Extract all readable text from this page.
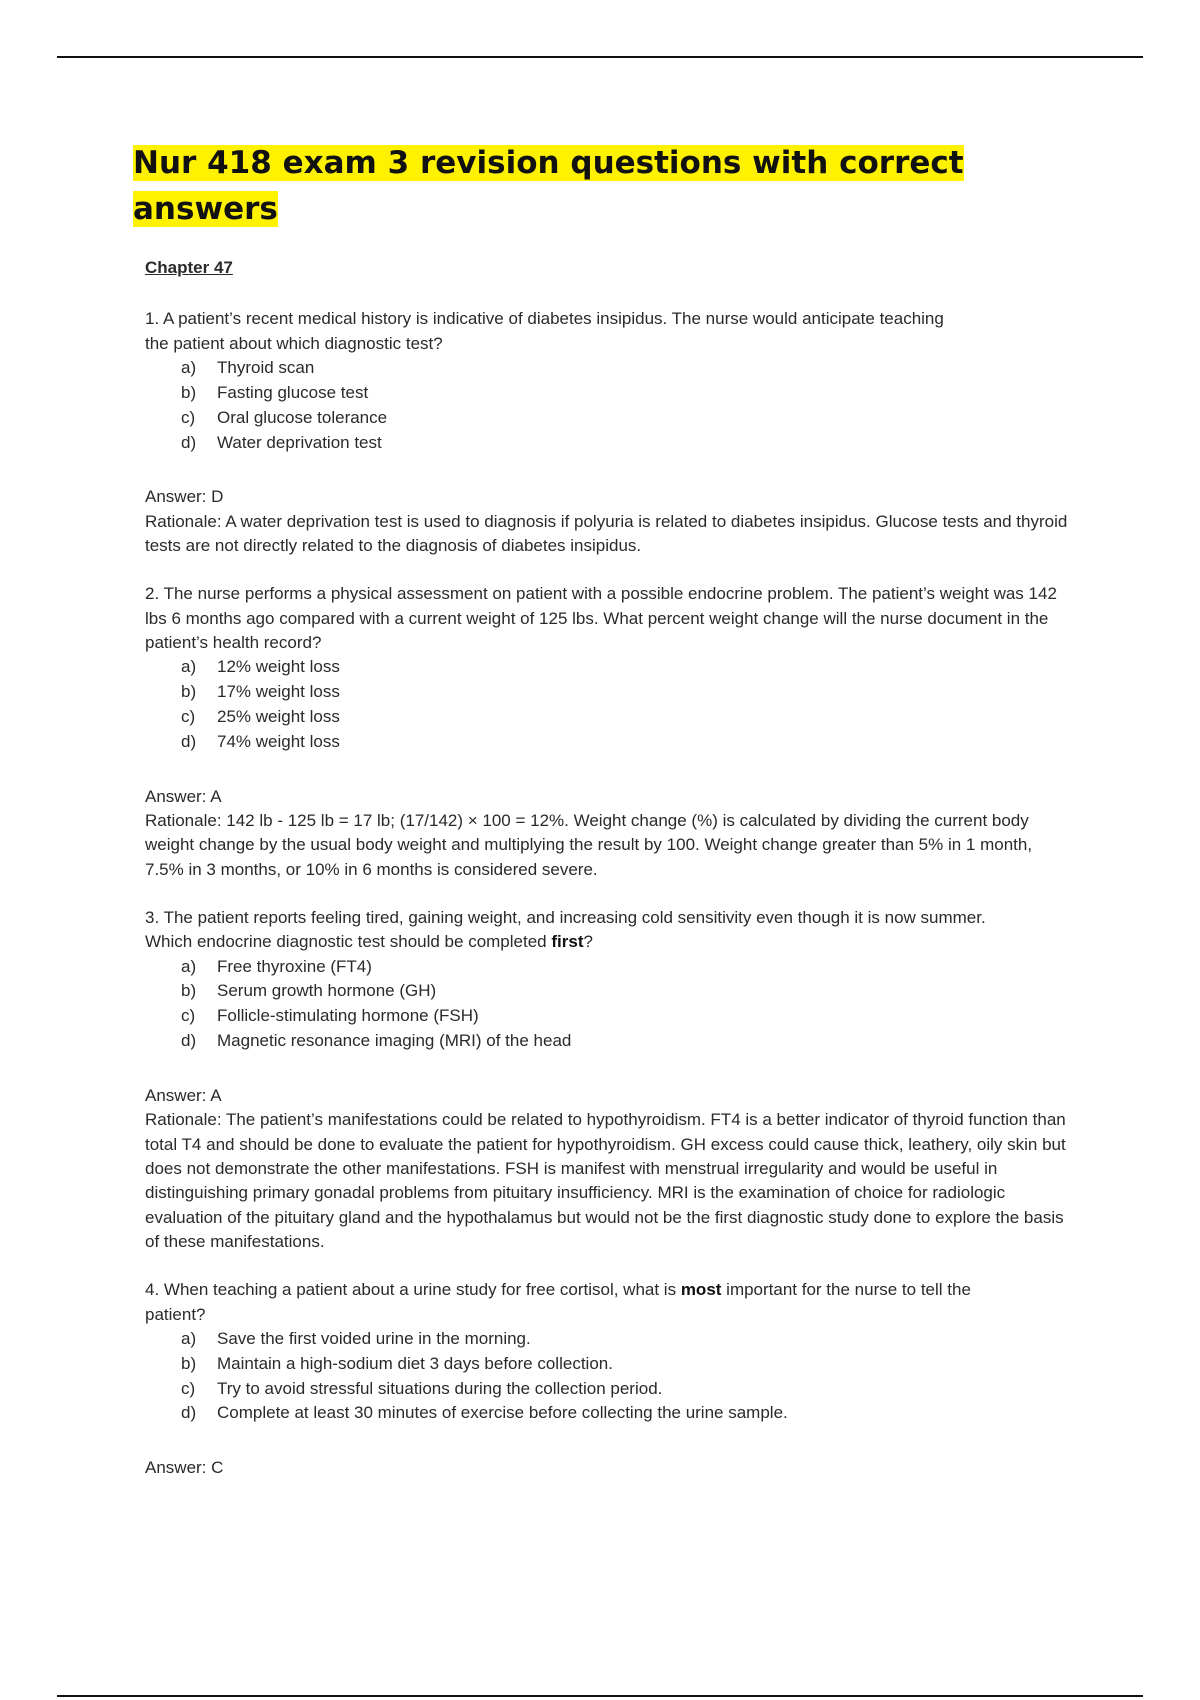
Nur 418 exam 3 revision questions with correct answers
Chapter 47

1. A patient’s recent medical history is indicative of diabetes insipidus. The nurse would anticipate teaching the patient about which diagnostic test?

a) Thyroid scan
b) Fasting glucose test
c) Oral glucose tolerance
d) Water deprivation test

Answer: D

Rationale: A water deprivation test is used to diagnosis if polyuria is related to diabetes insipidus. Glucose tests and thyroid tests are not directly related to the diagnosis of diabetes insipidus.

2. The nurse performs a physical assessment on patient with a possible endocrine problem. The patient’s weight was 142 lbs 6 months ago compared with a current weight of 125 lbs. What percent weight change will the nurse document in the patient’s health record?

a) 12% weight loss
b) 17% weight loss
c) 25% weight loss
d) 74% weight loss

Answer: A

Rationale: 142 lb - 125 lb = 17 lb; (17/142) × 100 = 12%. Weight change (%) is calculated by dividing the current body weight change by the usual body weight and multiplying the result by 100. Weight change greater than 5% in 1 month, 7.5% in 3 months, or 10% in 6 months is considered severe.

3. The patient reports feeling tired, gaining weight, and increasing cold sensitivity even though it is now summer. Which endocrine diagnostic test should be completed first?

a) Free thyroxine (FT4)
b) Serum growth hormone (GH)
c) Follicle-stimulating hormone (FSH)
d) Magnetic resonance imaging (MRI) of the head

Answer: A

Rationale: The patient’s manifestations could be related to hypothyroidism. FT4 is a better indicator of thyroid function than total T4 and should be done to evaluate the patient for hypothyroidism. GH excess could cause thick, leathery, oily skin but does not demonstrate the other manifestations. FSH is manifest with menstrual irregularity and would be useful in distinguishing primary gonadal problems from pituitary insufficiency. MRI is the examination of choice for radiologic evaluation of the pituitary gland and the hypothalamus but would not be the first diagnostic study done to explore the basis of these manifestations.

4. When teaching a patient about a urine study for free cortisol, what is most important for the nurse to tell the patient?

a) Save the first voided urine in the morning.
b) Maintain a high-sodium diet 3 days before collection.
c) Try to avoid stressful situations during the collection period.
d) Complete at least 30 minutes of exercise before collecting the urine sample.

Answer: C
